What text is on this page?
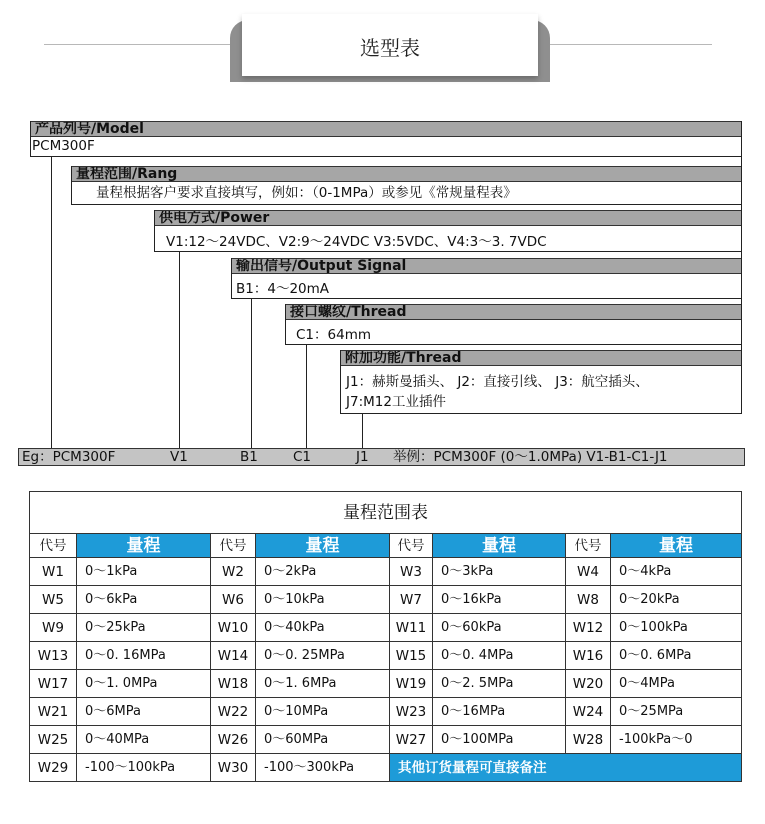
选型表
产品列号/Model
PCM300F
量程范围/Rang
量程根据客户要求直接填写，例如：（0-1MPa）或参见《常规量程表》
供电方式/Power
V1:12～24VDC、V2:9～24VDC V3:5VDC、V4:3～3. 7VDC
输出信号/Output Signal
B1：4～20mA
接口螺纹/Thread
C1：64mm
附加功能/Thread
J1：赫斯曼插头、 J2：直接引线、 J3：航空插头、
J7:M12工业插件
Eg：PCM300F	V1	B1	C1	J1 举例：PCM300F (0～1.0MPa) V1-B1-C1-J1
量程范围表							
代号	量程	代号	量程	代号	量程	代号	量程
W1	0～1kPa	W2	0～2kPa	W3	0～3kPa	W4	0～4kPa
W5	0～6kPa	W6	0～10kPa	W7	0～16kPa	W8	0～20kPa
W9	0～25kPa	W10	0～40kPa	W11	0～60kPa	W12	0～100kPa
W13	0～0. 16MPa	W14	0～0. 25MPa	W15	0～0. 4MPa	W16	0～0. 6MPa
W17	0～1. 0MPa	W18	0～1. 6MPa	W19	0～2. 5MPa	W20	0～4MPa
W21	0～6MPa	W22	0～10MPa	W23	0～16MPa	W24	0～25MPa
W25	0～40MPa	W26	0～60MPa	W27	0～100MPa	W28	-100kPa～0
W29	-100～100kPa	W30	-100～300kPa	其他订货量程可直接备注			
